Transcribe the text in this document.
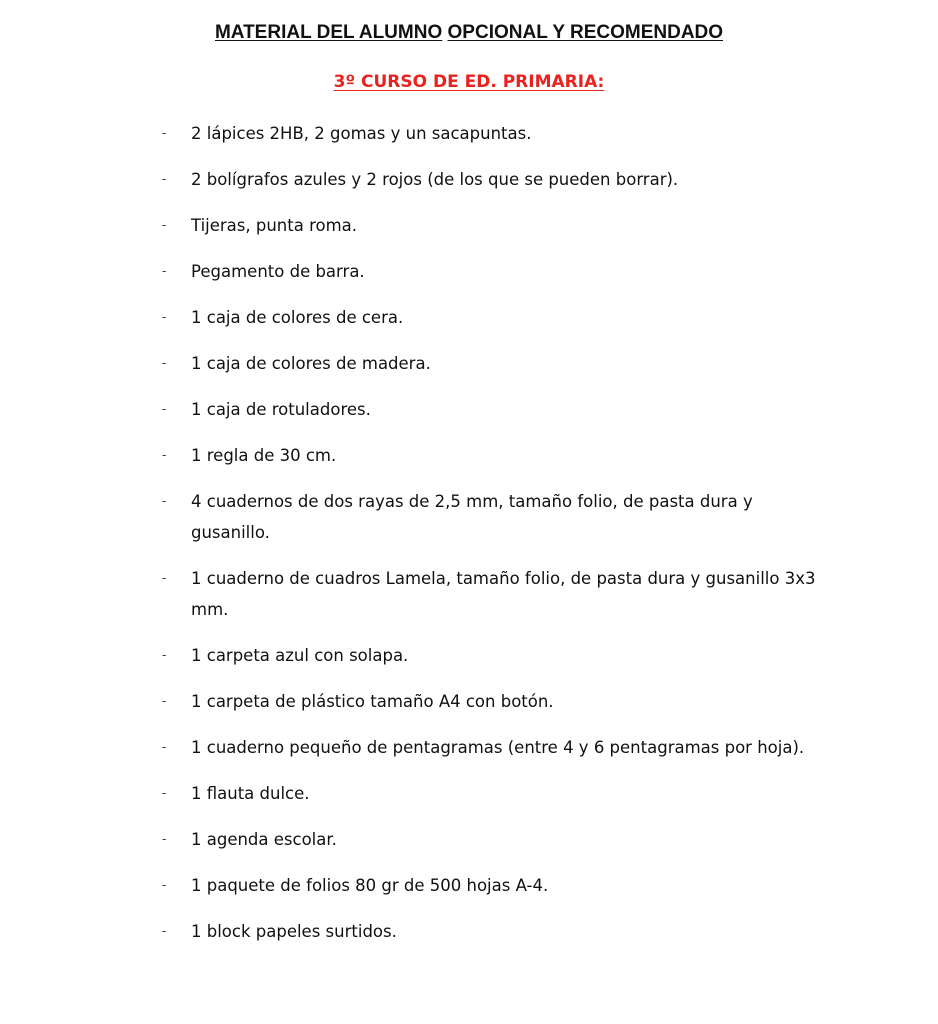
MATERIAL DEL ALUMNO OPCIONAL Y RECOMENDADO
3º CURSO DE ED. PRIMARIA:
-	2 lápices 2HB, 2 gomas y un sacapuntas.
-	2 bolígrafos azules y 2 rojos (de los que se pueden borrar).
-	Tijeras, punta roma.
-	Pegamento de barra.
-	1 caja de colores de cera.
-	1 caja de colores de madera.
-	1 caja de rotuladores.
-	1 regla de 30 cm.
-	4 cuadernos de dos rayas de 2,5 mm, tamaño folio, de pasta dura y gusanillo.
-	1 cuaderno de cuadros Lamela, tamaño folio, de pasta dura y gusanillo 3x3 mm.
-	1 carpeta azul con solapa.
-	1 carpeta de plástico tamaño A4 con botón.
-	1 cuaderno pequeño de pentagramas (entre 4 y 6 pentagramas por hoja).
-	1 flauta dulce.
-	1 agenda escolar.
-	1 paquete de folios 80 gr de 500 hojas A-4.
-	1 block papeles surtidos.
